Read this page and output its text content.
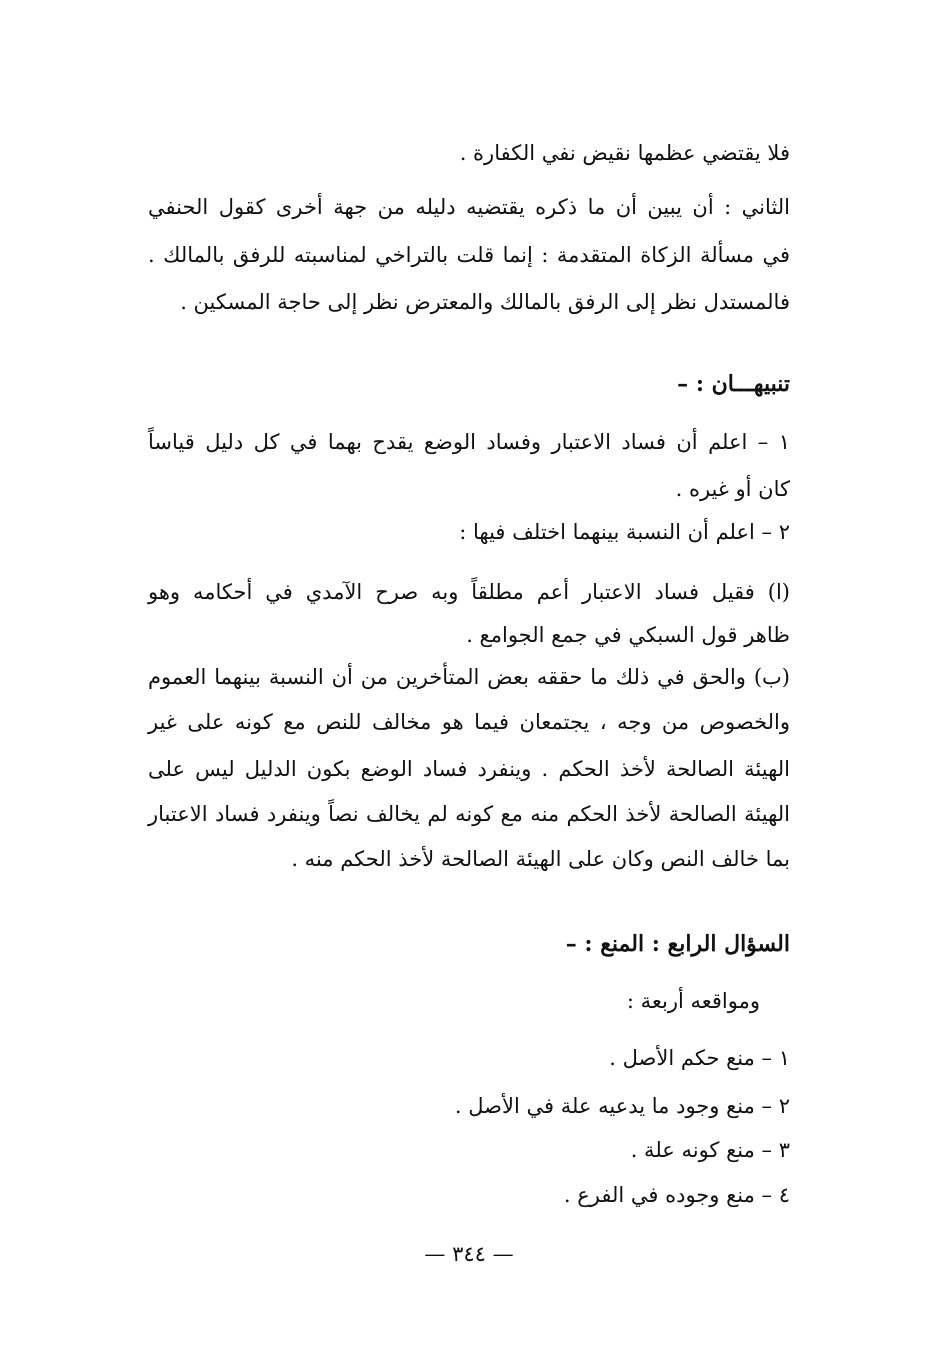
فلا يقتضي عظمها نقيض نفي الكفارة .
الثاني : أن يبين أن ما ذكره يقتضيه دليله من جهة أخرى كقول الحنفي
في مسألة الزكاة المتقدمة : إنما قلت بالتراخي لمناسبته للرفق بالمالك .
فالمستدل نظر إلى الرفق بالمالك والمعترض نظر إلى حاجة المسكين .
تنبيهـــان : –
١ – اعلم أن فساد الاعتبار وفساد الوضع يقدح بهما في كل دليل قياساً
كان أو غيره .
٢ – اعلم أن النسبة بينهما اختلف فيها :
(ا) فقيل فساد الاعتبار أعم مطلقاً وبه صرح الآمدي في أحكامه وهو
ظاهر قول السبكي في جمع الجوامع .
(ب) والحق في ذلك ما حققه بعض المتأخرين من أن النسبة بينهما العموم
والخصوص من وجه ، يجتمعان فيما هو مخالف للنص مع كونه على غير
الهيئة الصالحة لأخذ الحكم . وينفرد فساد الوضع بكون الدليل ليس على
الهيئة الصالحة لأخذ الحكم منه مع كونه لم يخالف نصاً وينفرد فساد الاعتبار
بما خالف النص وكان على الهيئة الصالحة لأخذ الحكم منه .
السؤال الرابع : المنع : –
ومواقعه أربعة :
١ – منع حكم الأصل .
٢ – منع وجود ما يدعيه علة في الأصل .
٣ – منع كونه علة .
٤ – منع وجوده في الفرع .
— ٣٤٤ —
